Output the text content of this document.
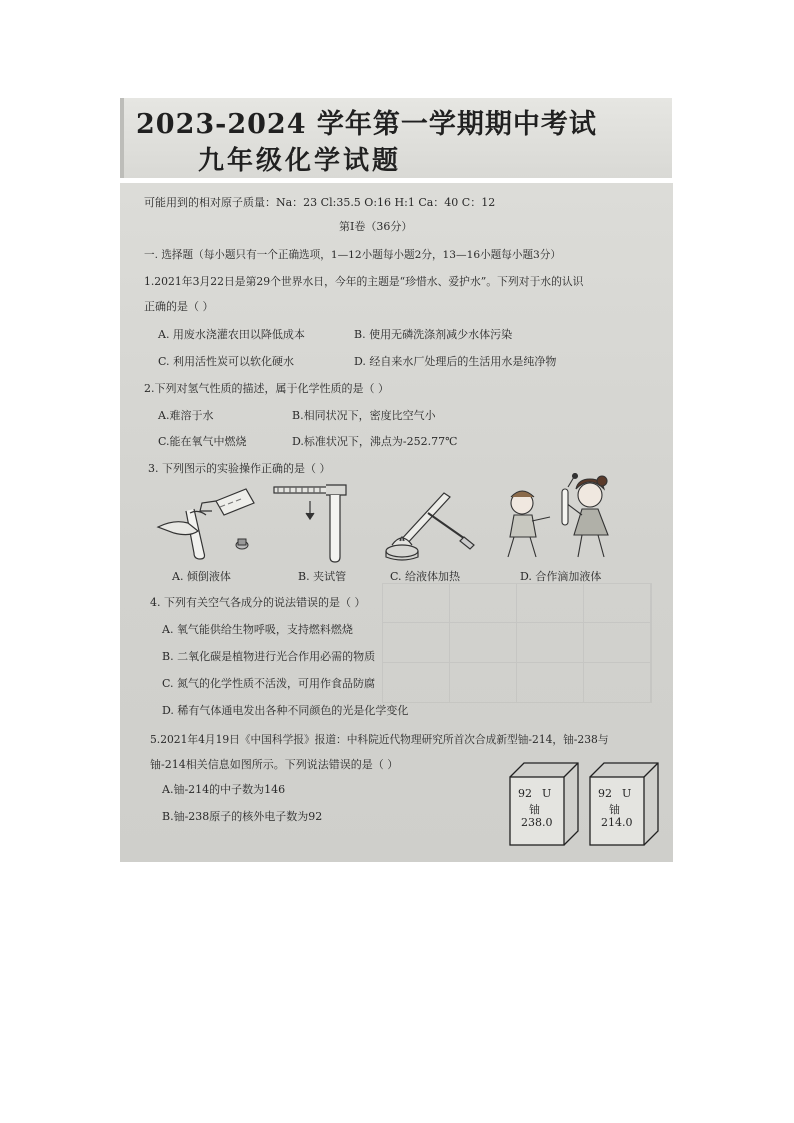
2023-2024 学年第一学期期中考试
九年级化学试题
可能用到的相对原子质量：Na：23 Cl:35.5 O:16 H:1 Ca：40 C：12
第Ⅰ卷（36分）
一. 选择题（每小题只有一个正确选项，1—12小题每小题2分，13—16小题每小题3分）
1.2021年3月22日是第29个世界水日，今年的主题是“珍惜水、爱护水”。下列对于水的认识
正确的是（ ）
A. 用废水浇灌农田以降低成本	B. 使用无磷洗涤剂减少水体污染
C. 利用活性炭可以软化硬水	D. 经自来水厂处理后的生活用水是纯净物
2.下列对氢气性质的描述，属于化学性质的是（ ）
A.难溶于水	B.相同状况下，密度比空气小
C.能在氧气中燃烧	D.标准状况下，沸点为-252.77℃
3. 下列图示的实验操作正确的是（ ）
A. 倾倒液体	B. 夹试管	C. 给液体加热	D. 合作滴加液体
4. 下列有关空气各成分的说法错误的是（ ）
A. 氧气能供给生物呼吸，支持燃料燃烧
B. 二氧化碳是植物进行光合作用必需的物质
C. 氮气的化学性质不活泼，可用作食品防腐
D. 稀有气体通电发出各种不同颜色的光是化学变化
5.2021年4月19日《中国科学报》报道：中科院近代物理研究所首次合成新型铀-214，铀-238与
铀-214相关信息如图所示。下列说法错误的是（ ）
A.铀-214的中子数为146
B.铀-238原子的核外电子数为92
92 U
铀
238.0
92 U
铀
214.0
